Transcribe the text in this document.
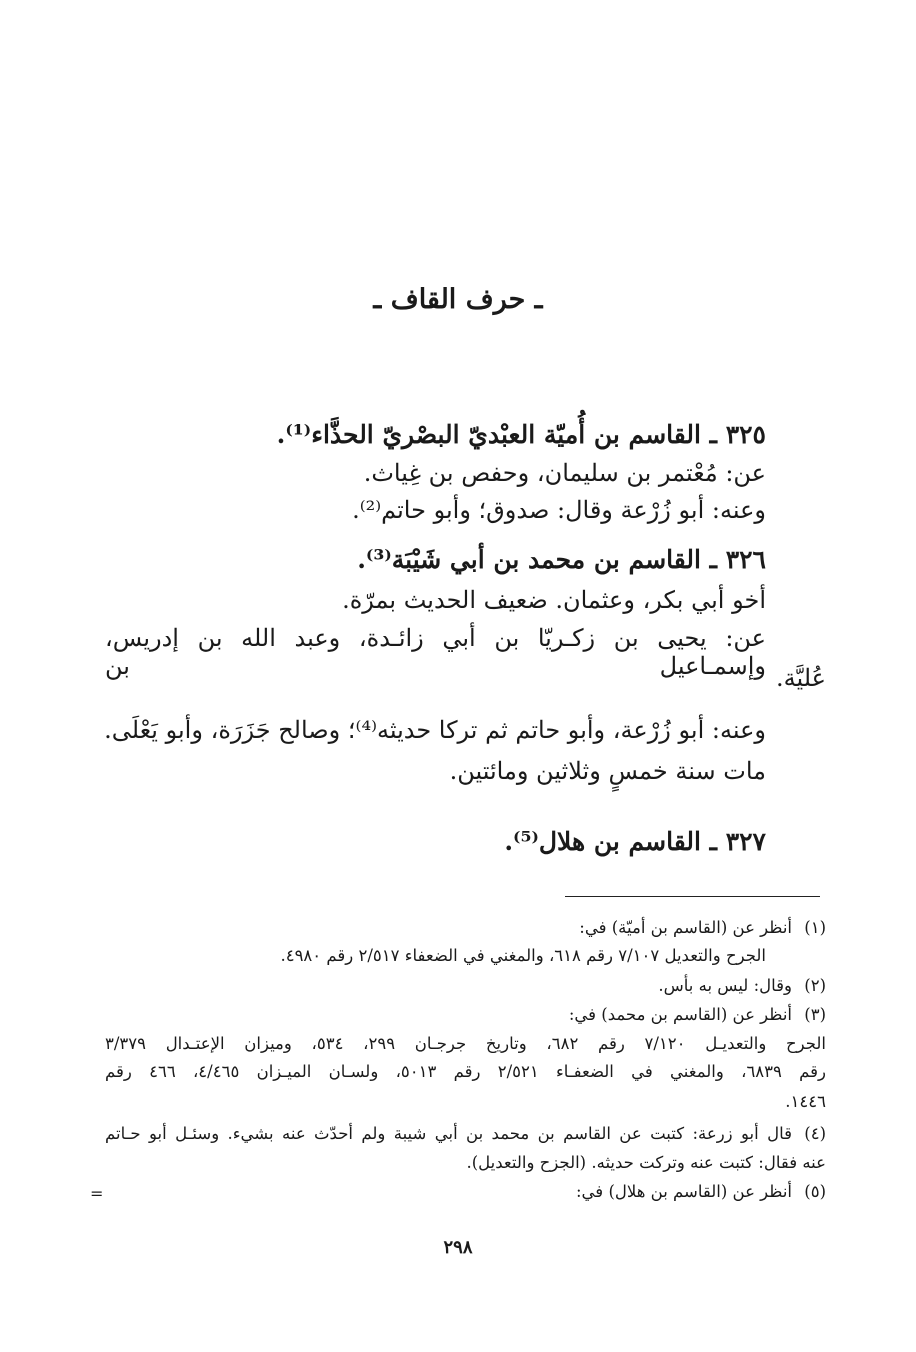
ـ حرف القاف ـ
٣٢٥ ـ القاسم بن أُميّة العبْديّ البصْريّ الحذَّاء⁽¹⁾.
عن: مُعْتمر بن سليمان، وحفص بن غِياث.
وعنه: أبو زُرْعة وقال: صدوق؛ وأبو حاتم⁽²⁾.
٣٢٦ ـ القاسم بن محمد بن أبي شَيْبَة⁽³⁾.
أخو أبي بكر، وعثمان. ضعيف الحديث بمرّة.
عن: يحيى بن زكـريّا بن أبي زائـدة، وعبد الله بن إدريس، وإسمـاعيل بن عُليَّة.
وعنه: أبو زُرْعة، وأبو حاتم ثم تركا حديثه⁽⁴⁾؛ وصالح جَزَرَة، وأبو يَعْلَى.
مات سنة خمسٍ وثلاثين ومائتين.
٣٢٧ ـ القاسم بن هلال⁽⁵⁾.
(١)أنظر عن (القاسم بن أميّة) في:
الجرح والتعديل ٧/١٠٧ رقم ٦١٨، والمغني في الضعفاء ٢/٥١٧ رقم ٤٩٨٠.
(٢)وقال: ليس به بأس.
(٣)أنظر عن (القاسم بن محمد) في:
الجرح والتعديـل ٧/١٢٠ رقم ٦٨٢، وتاريخ جرجـان ٢٩٩، ٥٣٤، وميزان الإعتـدال ٣/٣٧٩
رقم ٦٨٣٩، والمغني في الضعفـاء ٢/٥٢١ رقم ٥٠١٣، ولسـان الميـزان ٤/٤٦٥، ٤٦٦ رقم
١٤٤٦.
(٤)قال أبو زرعة: كتبت عن القاسم بن محمد بن أبي شيبة ولم أحدّث عنه بشيء. وسئـل أبو حـاتم
عنه فقال: كتبت عنه وتركت حديثه. (الجزح والتعديل).
(٥)أنظر عن (القاسم بن هلال) في:
=
٢٩٨
